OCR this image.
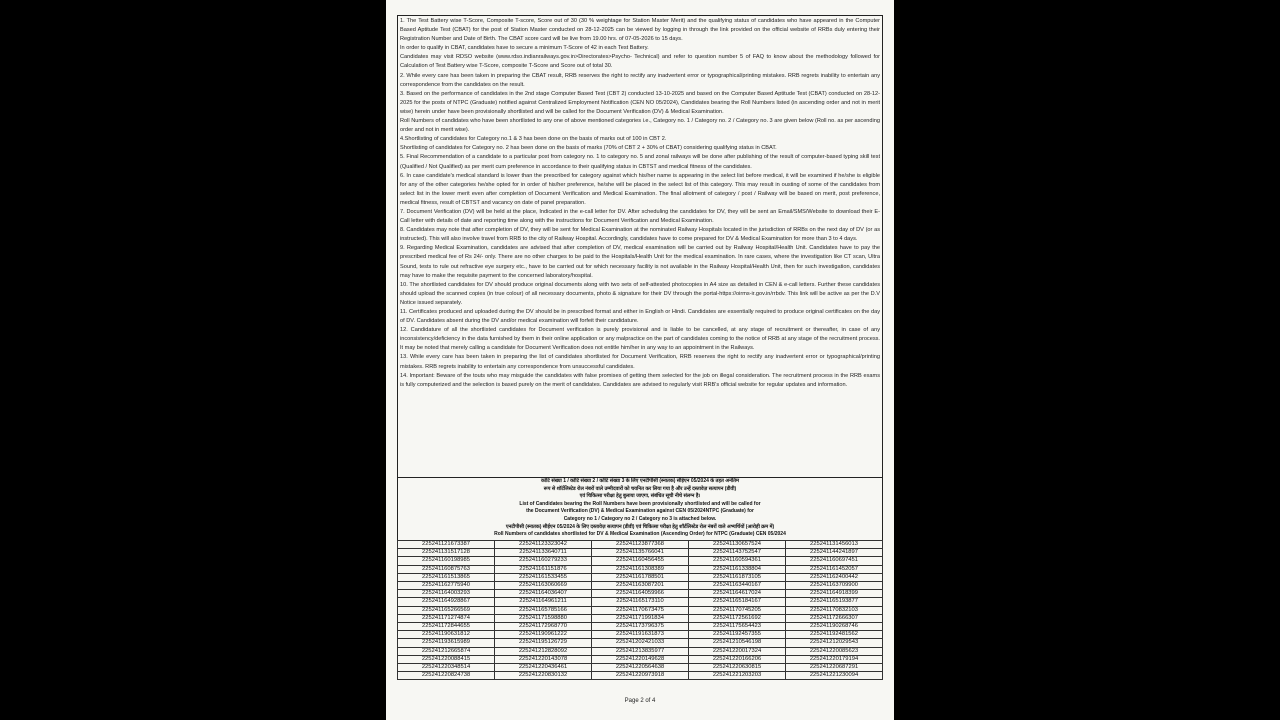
1. The Test Battery wise T-Score, Composite T-score, Score out of 30 (30 % weightage for Station Master Merit) and the qualifying status of candidates who have appeared in the Computer Based Aptitude Test (CBAT) for the post of Station Master conducted on 28-12-2025 can be viewed by logging in through the link provided on the official website of RRBs duly entering their Registration Number and Date of Birth. The CBAT score card will be live from 19.00 hrs. of 07-05-2026 to 15 days.

In order to qualify in CBAT, candidates have to secure a minimum T-Score of 42 in each Test Battery.

Candidates may visit RDSO website (www.rdso.indianrailways.gov.in>Directorates>Psycho- Technical) and refer to question number 5 of FAQ to know about the methodology followed for Calculation of Test Battery wise T-Score, composite T-Score and Score out of total 30.

2. While every care has been taken in preparing the CBAT result, RRB reserves the right to rectify any inadvertent error or typographical/printing mistakes. RRB regrets inability to entertain any correspondence from the candidates on the result.

3. Based on the performance of candidates in the 2nd stage Computer Based Test (CBT 2) conducted 13-10-2025 and based on the Computer Based Aptitude Test (CBAT) conducted on 28-12-2025 for the posts of NTPC (Graduate) notified against Centralized Employment Notification (CEN NO 05/2024), Candidates bearing the Roll Numbers listed (in ascending order and not in merit wise) herein under have been provisionally shortlisted and will be called for the Document Verification (DV) & Medical Examination.

Roll Numbers of candidates who have been shortlisted to any one of above mentioned categories i.e., Category no. 1 / Category no. 2 / Category no. 3 are given below (Roll no. as per ascending order and not in merit wise).

4.Shortlisting of candidates for Category no.1 & 3 has been done on the basis of marks out of 100 in CBT 2.

Shortlisting of candidates for Category no. 2 has been done on the basis of marks (70% of CBT 2 + 30% of CBAT) considering qualifying status in CBAT.

5. Final Recommendation of a candidate to a particular post from category no. 1 to category no. 5 and zonal railways will be done after publishing of the result of computer-based typing skill test (Qualified / Not Qualified) as per merit cum preference in accordance to their qualifying status in CBTST and medical fitness of the candidates.

6. In case candidate's medical standard is lower than the prescribed for category against which his/her name is appearing in the select list before medical, it will be examined if he/she is eligible for any of the other categories he/she opted for in order of his/her preference, he/she will be placed in the select list of this category. This may result in ousting of some of the candidates from select list in the lower merit even after completion of Document Verification and Medical Examination. The final allotment of category / post / Railway will be based on merit, post preference, medical fitness, result of CBTST and vacancy on date of panel preparation.

7. Document Verification (DV) will be held at the place, Indicated in the e-call letter for DV. After scheduling the candidates for DV, they will be sent an Email/SMS/Website to download their E-Call letter with details of date and reporting time along with the instructions for Document Verification and Medical Examination.

8. Candidates may note that after completion of DV, they will be sent for Medical Examination at the nominated Railway Hospitals located in the jurisdiction of RRBs on the next day of DV (or as instructed). This will also involve travel from RRB to the city of Railway Hospital. Accordingly, candidates have to come prepared for DV & Medical Examination for more than 3 to 4 days.

9. Regarding Medical Examination, candidates are advised that after completion of DV, medical examination will be carried out by Railway Hospital/Health Unit. Candidates have to pay the prescribed medical fee of Rs 24/- only. There are no other charges to be paid to the Hospitals/Health Unit for the medical examination. In rare cases, where the investigation like CT scan, Ultra Sound, tests to rule out refractive eye surgery etc., have to be carried out for which necessary facility is not available in the Railway Hospital/Health Unit, then for such investigation, candidates may have to make the requisite payment to the concerned laboratory/hospital.

10. The shortlisted candidates for DV should produce original documents along with two sets of self-attested photocopies in A4 size as detailed in CEN & e-call letters. Further these candidates should upload the scanned copies (in true colour) of all necessary documents, photo & signature for their DV through the portal-https://oirms-ir.gov.in/rrbdv. This link will be active as per the D.V Notice issued separately.

11. Certificates produced and uploaded during the DV should be in prescribed format and either in English or Hindi. Candidates are essentially required to produce original certificates on the day of DV. Candidates absent during the DV and/or medical examination will forfeit their candidature.

12. Candidature of all the shortlisted candidates for Document verification is purely provisional and is liable to be cancelled, at any stage of recruitment or thereafter, in case of any inconsistency/deficiency in the data furnished by them in their online application or any malpractice on the part of candidates coming to the notice of RRB at any stage of the recruitment process. It may be noted that merely calling a candidate for Document Verification does not entitle him/her in any way to an appointment in the Railways.

13. While every care has been taken in preparing the list of candidates shortlisted for Document Verification, RRB reserves the right to rectify any inadvertent error or typographical/printing mistakes. RRB regrets inability to entertain any correspondence from unsuccessful candidates.

14. Important: Beware of the touts who may misguide the candidates with false promises of getting them selected for the job on illegal consideration. The recruitment process in the RRB exams is fully computerized and the selection is based purely on the merit of candidates. Candidates are advised to regularly visit RRB's official website for regular updates and information.

कोटि संख्या 1 / कोटि संख्या 2 / कोटि संख्या 3 के लिए एनटीपीसी (स्नातक) सीईएन 05/2024 के तहत अनंतिम
रूप से शॉर्टलिस्टेड रोल नंबरों वाले उम्मीदवारों को चयनित कर लिया गया है और उन्हें दस्तावेज़ सत्यापन (डीवी)
एवं चिकित्सा परीक्षा हेतु बुलाया जाएगा, संबंधित सूची नीचे संलग्न है।
List of Candidates bearing the Roll Numbers have been provisionally shortlisted and will be called for
the Document Verification (DV) & Medical Examination against CEN 05/2024NTPC (Graduate) for
Category no 1 / Category no 2 / Category no 3 is attached below.
एनटीपीसी (स्नातक) सीईएन 05/2024 के लिए दस्तावेज़ सत्यापन (डीवी) एवं चिकित्सा परीक्षा हेतु शॉर्टलिस्टेड रोल नंबरों वाले अभ्यर्थियों (आरोही क्रम में)
Roll Numbers of candidates shortlisted for DV & Medical Examination (Ascending Order) for NTPC (Graduate) CEN 05/2024
225241121673387	225241123323042	225241123877368	225241130657524	225241131456013
225241131517128	225241133640711	225241135766041	225241143752547	225241144241897
225241160198985	225241160279233	225241160456455	225241160594361	225241160697451
225241160875763	225241161151876	225241161308389	225241161338804	225241161452057
225241161513865	225241161533455	225241161788501	225241161873105	225241162400442
225241162775940	225241163060669	225241163087201	225241163440167	225241163709900
225241164003293	225241164036407	225241164059966	225241164617024	225241164918399
225241164928867	225241164961211	225241165173110	225241165184167	225241165193877
225241165266569	225241165785166	225241170673475	225241170745205	225241170832103
225241171274874	225241171598880	225241171991834	225241172561692	225241172666307
225241172844655	225241172968770	225241173796375	225241175654423	225241190268746
225241190631812	225241190961222	225241191631873	225241192457355	225241192481562
225241193615989	225241195126729	225241202421033	225241210546198	225241212029543
225241212665874	225241212828092	225241213835977	225241220017324	225241220085623
225241220088415	225241220143078	225241220149628	225241220166206	225241220179194
225241220348514	225241220436461	225241220564638	225241220630815	225241220687291
225241220824738	225241220830132	225241220973918	225241221203203	225241221230094
Page 2 of 4
